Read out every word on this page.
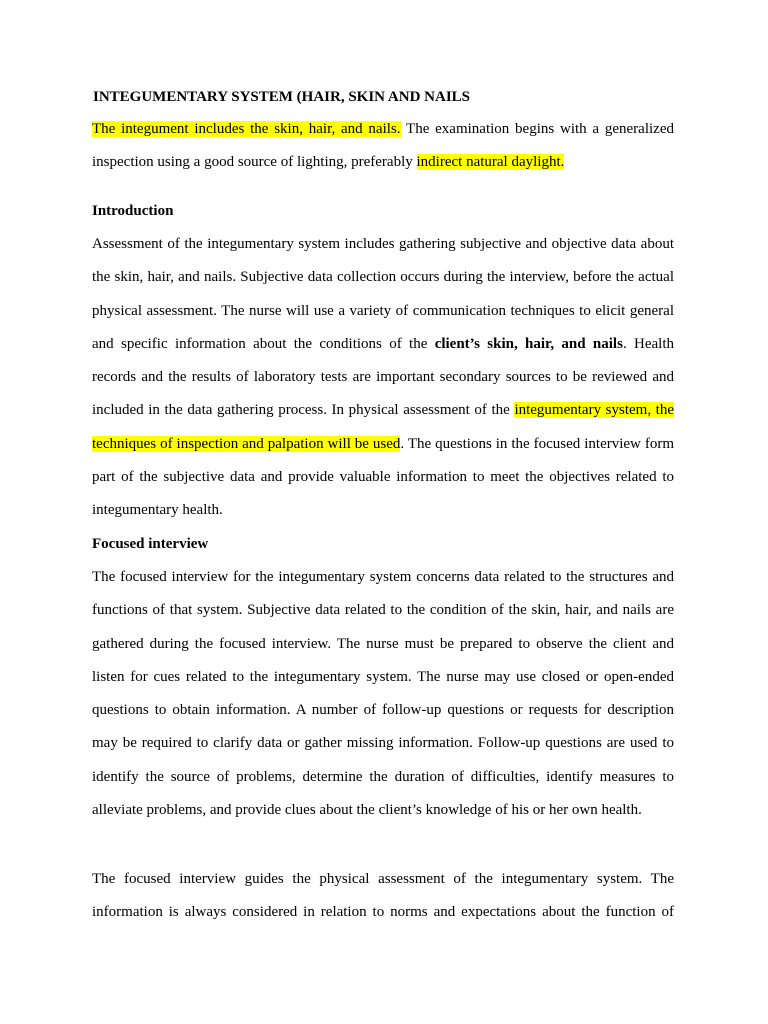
INTEGUMENTARY SYSTEM (HAIR, SKIN AND NAILS
The integument includes the skin, hair, and nails. The examination begins with a generalized inspection using a good source of lighting, preferably indirect natural daylight.
Introduction
Assessment of the integumentary system includes gathering subjective and objective data about the skin, hair, and nails. Subjective data collection occurs during the interview, before the actual physical assessment. The nurse will use a variety of communication techniques to elicit general and specific information about the conditions of the client’s skin, hair, and nails. Health records and the results of laboratory tests are important secondary sources to be reviewed and included in the data gathering process. In physical assessment of the integumentary system, the techniques of inspection and palpation will be used. The questions in the focused interview form part of the subjective data and provide valuable information to meet the objectives related to integumentary health.
Focused interview
The focused interview for the integumentary system concerns data related to the structures and functions of that system. Subjective data related to the condition of the skin, hair, and nails are gathered during the focused interview. The nurse must be prepared to observe the client and listen for cues related to the integumentary system. The nurse may use closed or open-ended questions to obtain information. A number of follow-up questions or requests for description may be required to clarify data or gather missing information. Follow-up questions are used to identify the source of problems, determine the duration of difficulties, identify measures to alleviate problems, and provide clues about the client’s knowledge of his or her own health.
The focused interview guides the physical assessment of the integumentary system. The information is always considered in relation to norms and expectations about the function of
